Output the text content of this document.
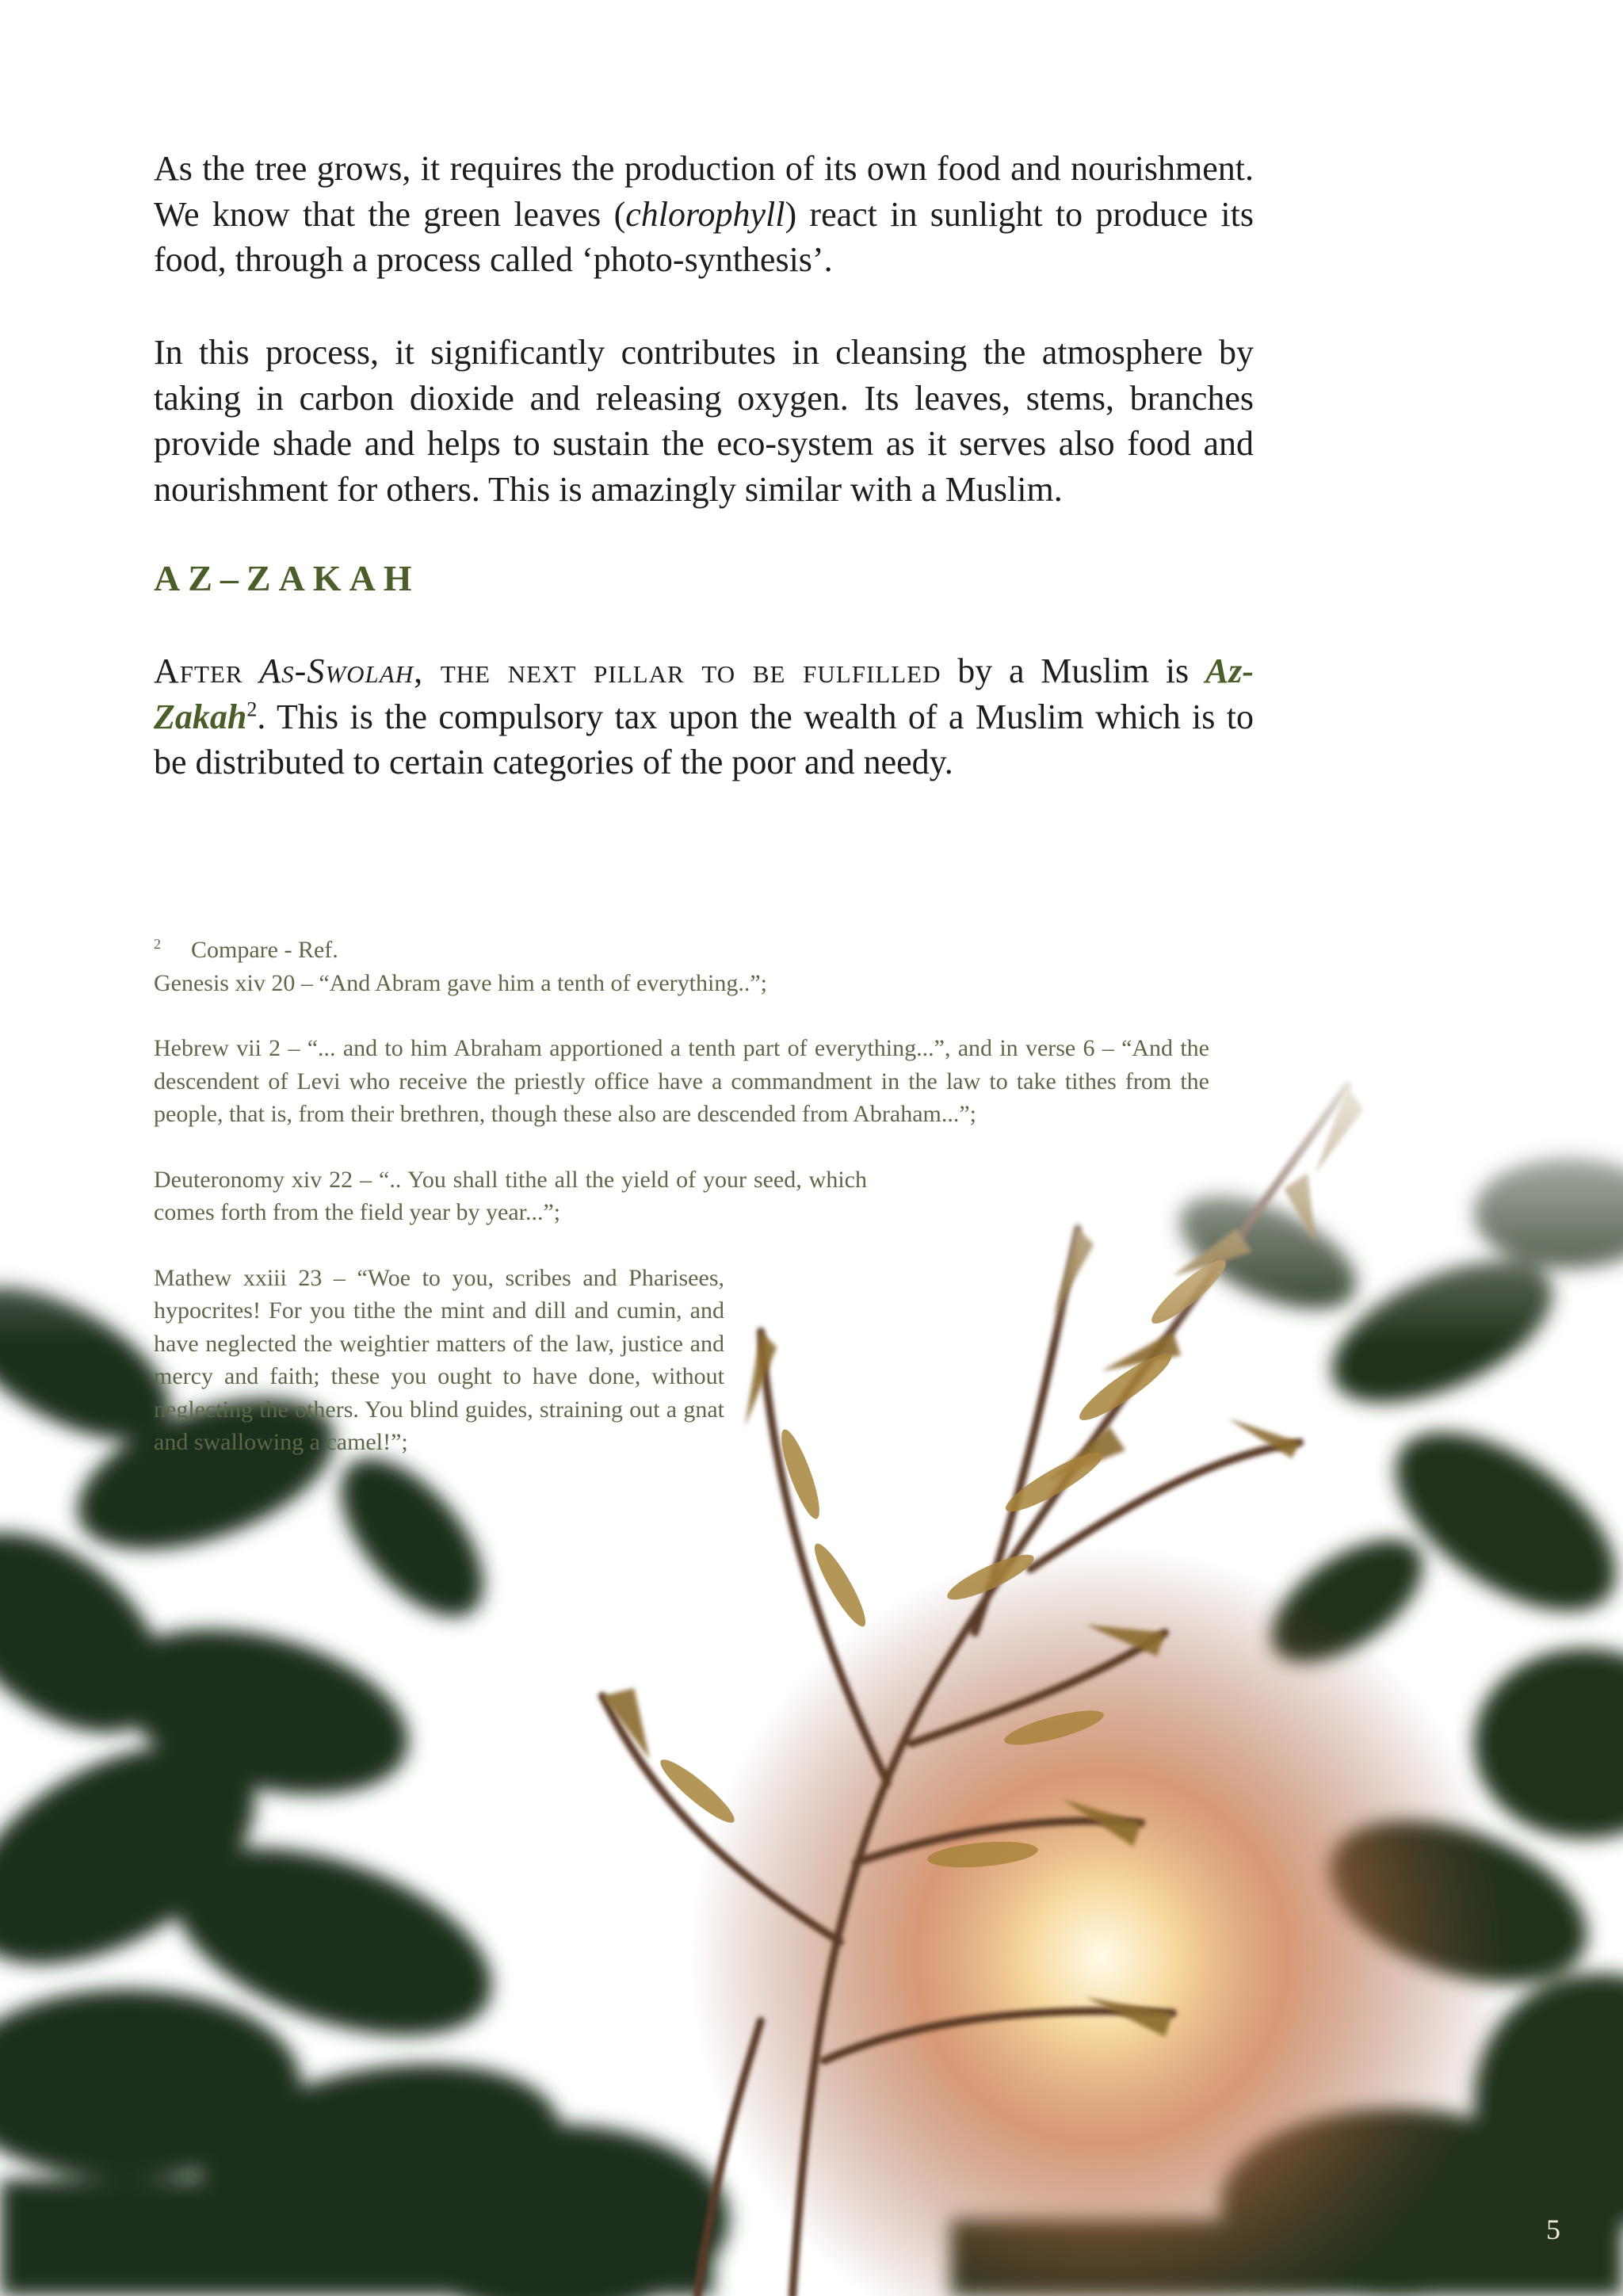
As the tree grows, it requires the production of its own food and nourishment. We know that the green leaves (chlorophyll) react in sunlight to produce its food, through a process called ‘photo-synthesis’.

In this process, it significantly contributes in cleansing the atmosphere by taking in carbon dioxide and releasing oxygen. Its leaves, stems, branches provide shade and helps to sustain the eco-system as it serves also food and nourishment for others. This is amazingly similar with a Muslim.

AZ–ZAKAH

After As-Swolah, the next pillar to be fulfilled by a Muslim is Az-Zakah$^2$. This is the compulsory tax upon the wealth of a Muslim which is to be distributed to certain categories of the poor and needy.

$^2$ Compare - Ref.

Genesis xiv 20 – “And Abram gave him a tenth of everything..”;

Hebrew vii 2 – “... and to him Abraham apportioned a tenth part of everything...”, and in verse 6 – “And the descendent of Levi who receive the priestly office have a commandment in the law to take tithes from the people, that is, from their brethren, though these also are descended from Abraham...”;

Deuteronomy xiv 22 – “.. You shall tithe all the yield of your seed, which comes forth from the field year by year...”;

Mathew xxiii 23 – “Woe to you, scribes and Pharisees, hypocrites! For you tithe the mint and dill and cumin, and have neglected the weightier matters of the law, justice and mercy and faith; these you ought to have done, without neglecting the others. You blind guides, straining out a gnat and swallowing a camel!”;

5
